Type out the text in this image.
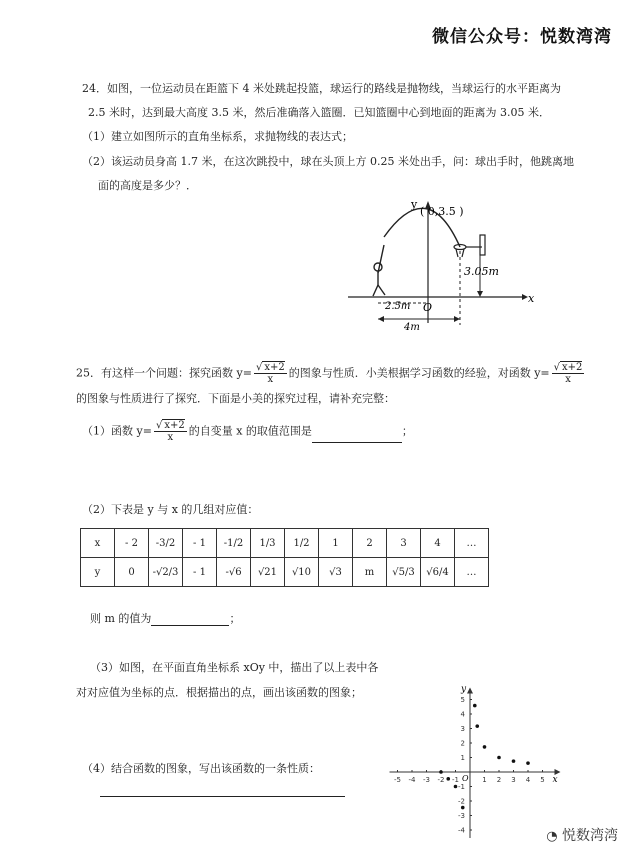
微信公众号：悦数湾湾
24．如图，一位运动员在距篮下 4 米处跳起投篮，球运行的路线是抛物线，当球运行的水平距离为
2.5 米时，达到最大高度 3.5 米，然后准确落入篮圈．已知篮圈中心到地面的距离为 3.05 米．
（1）建立如图所示的直角坐标系，求抛物线的表达式；
（2）该运动员身高 1.7 米，在这次跳投中，球在头顶上方 0.25 米处出手，问：球出手时，他跳离地
面的高度是多少？．
y
x
O
( 0,3.5 )
3.05m
2.5m
4m
25．有这样一个问题：探究函数 $y= \frac{√ x+2}{x}$ 的图象与性质．小美根据学习函数的经验，对函数 $y= \frac{√ x+2}{x}$
的图象与性质进行了探究．下面是小美的探究过程，请补充完整：
（1）函数 $y= \frac{√ x+2}{x}$ 的自变量 x 的取值范围是	；
（2）下表是 y 与 x 的几组对应值：
x	- 2	-3/2	- 1	-1/2	1/3	1/2	1	2	3	4	…
y	0	-√2/3	- 1	-√6	√21	√10	√3	m	√5/3	√6/4	…
则 m 的值为	；
（3）如图，在平面直角坐标系 xOy 中，描出了以上表中各
对对应值为坐标的点．根据描出的点，画出该函数的图象；
（4）结合函数的图象，写出该函数的一条性质：
-5 -4 -3 -2 -1	1 2 3 4 5
-4
-3
-2
-1
1
2
3
4
5
x
y
O
◔ 悦数湾湾
